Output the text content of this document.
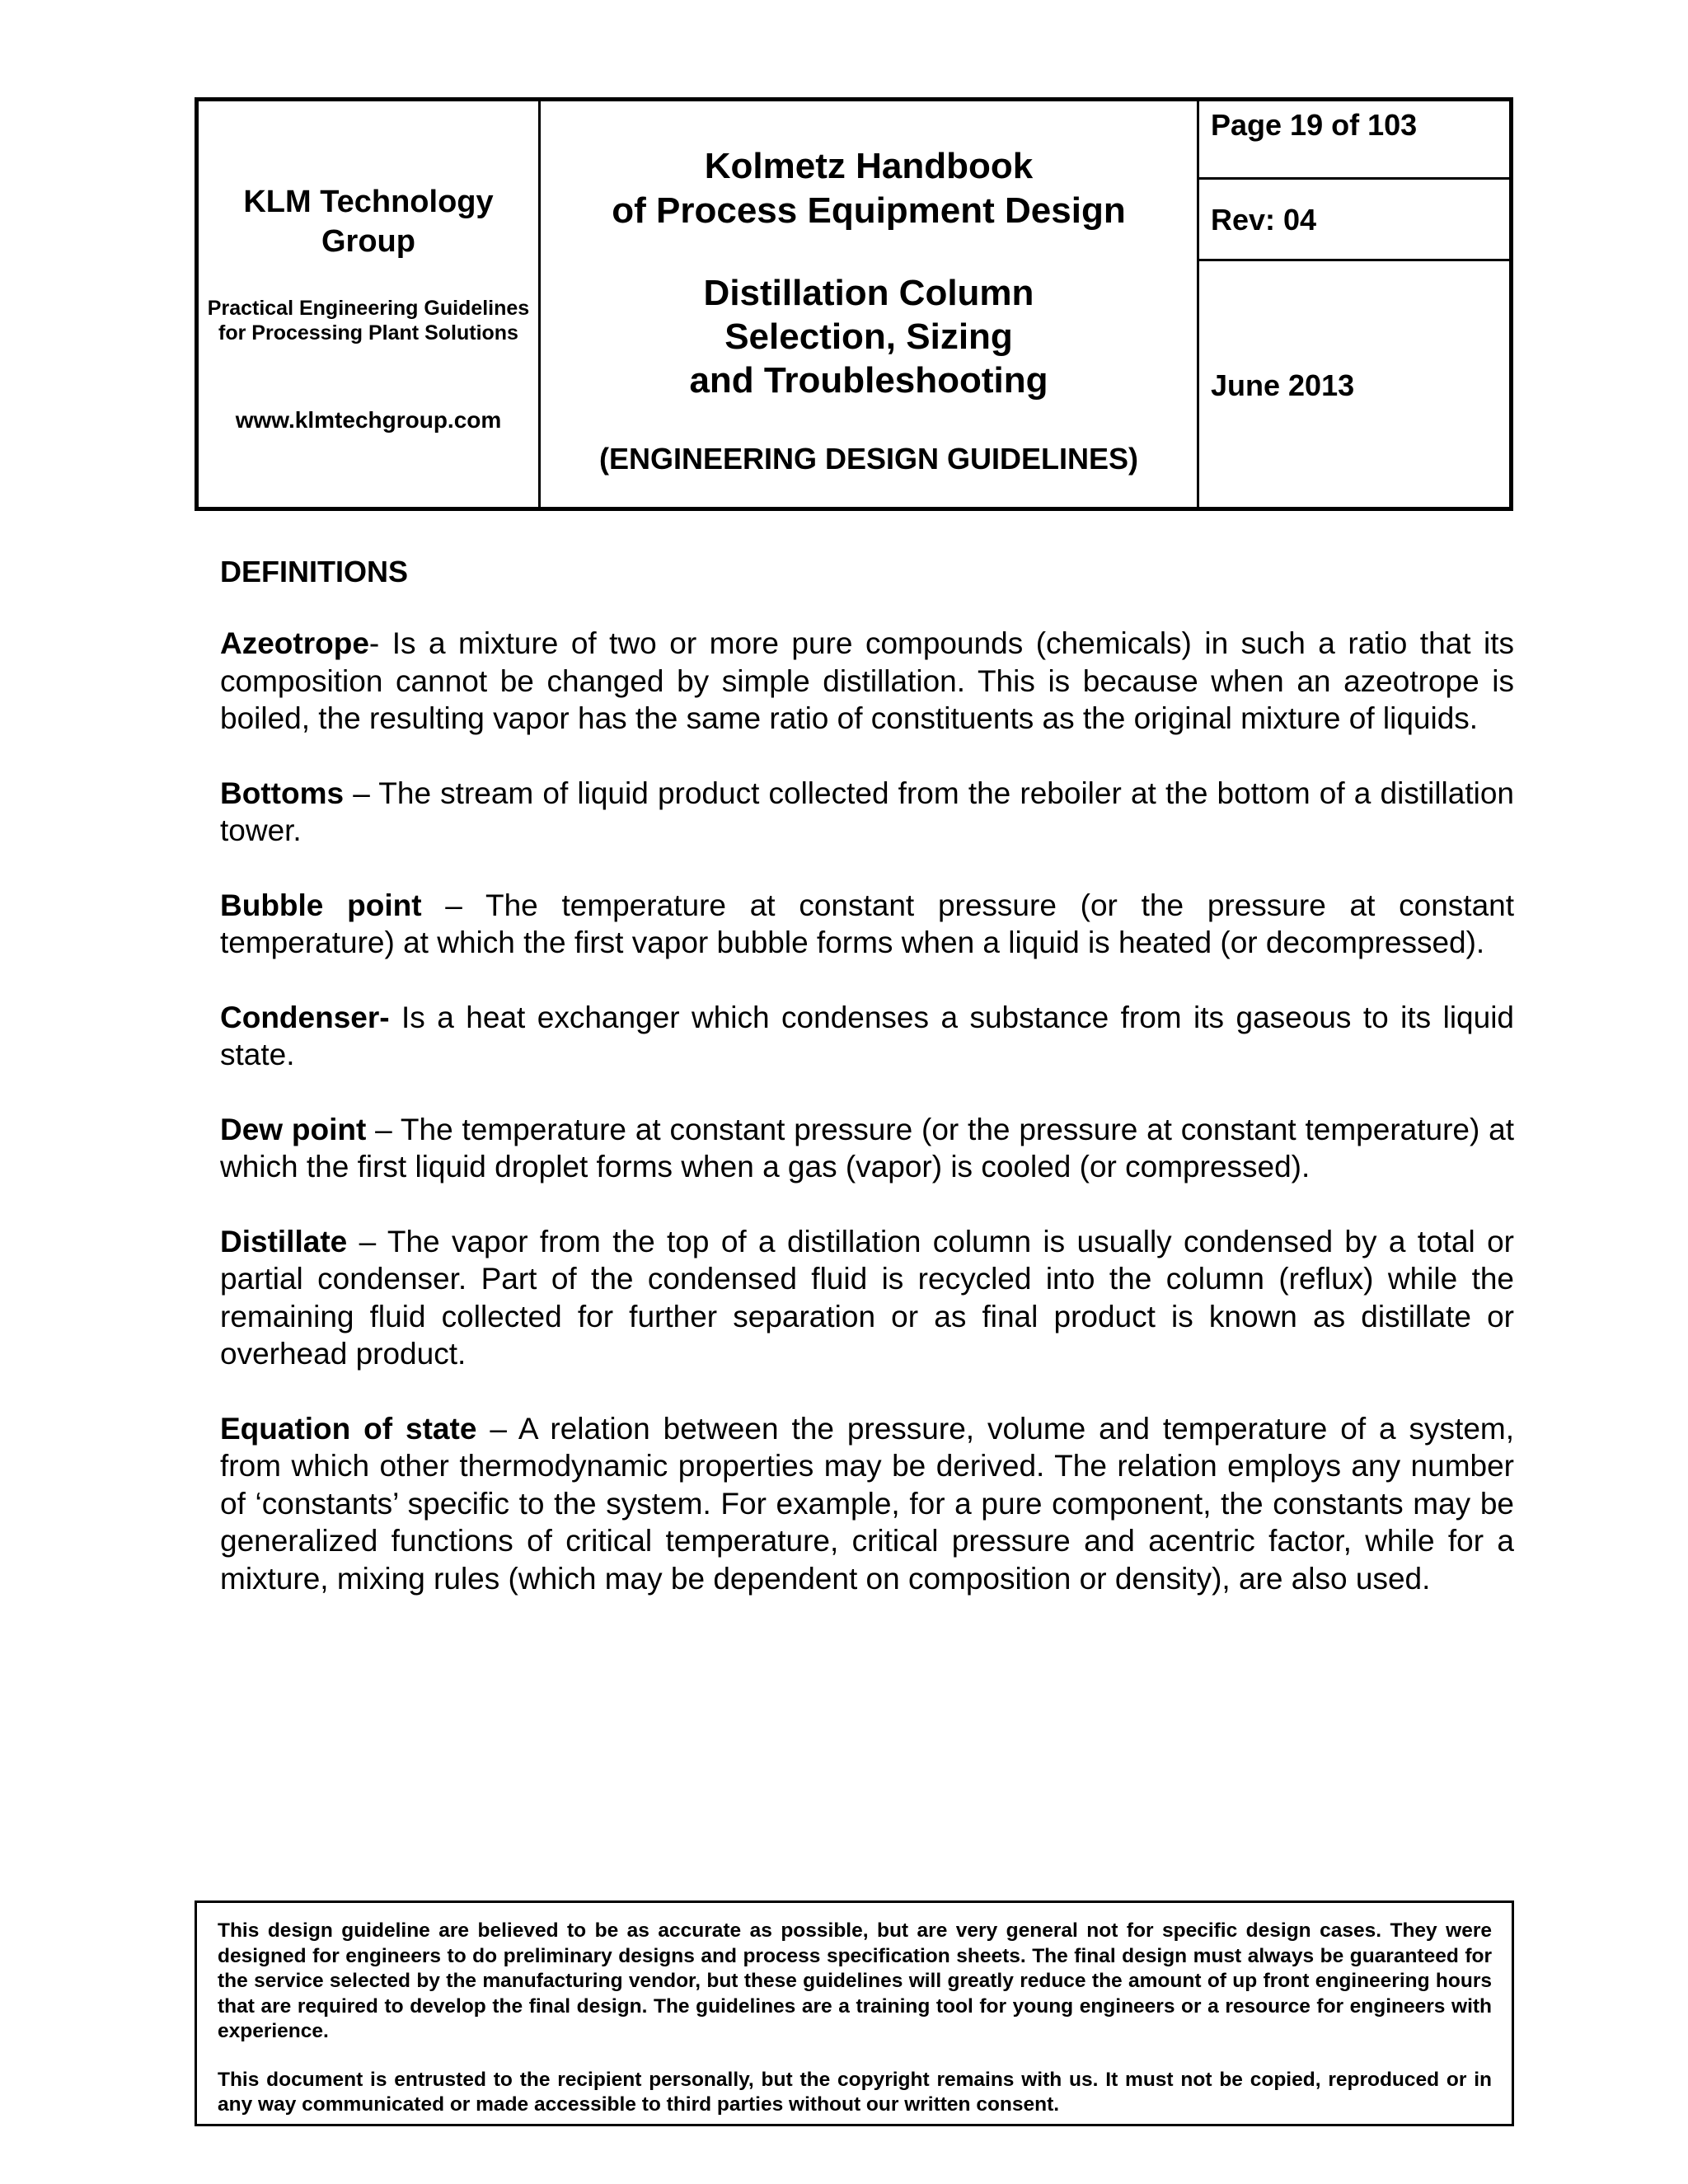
KLM Technology Group
Practical Engineering Guidelines for Processing Plant Solutions
www.klmtechgroup.com
Kolmetz Handbook
of Process Equipment Design
Distillation Column
Selection, Sizing
and Troubleshooting
(ENGINEERING DESIGN GUIDELINES)
Page 19 of 103
Rev: 04
June 2013
DEFINITIONS

Azeotrope- Is a mixture of two or more pure compounds (chemicals) in such a ratio that its composition cannot be changed by simple distillation. This is because when an azeotrope is boiled, the resulting vapor has the same ratio of constituents as the original mixture of liquids.

Bottoms – The stream of liquid product collected from the reboiler at the bottom of a distillation tower.

Bubble point – The temperature at constant pressure (or the pressure at constant temperature) at which the first vapor bubble forms when a liquid is heated (or decompressed).

Condenser- Is a heat exchanger which condenses a substance from its gaseous to its liquid state.

Dew point – The temperature at constant pressure (or the pressure at constant temperature) at which the first liquid droplet forms when a gas (vapor) is cooled (or compressed).

Distillate – The vapor from the top of a distillation column is usually condensed by a total or partial condenser. Part of the condensed fluid is recycled into the column (reflux) while the remaining fluid collected for further separation or as final product is known as distillate or overhead product.

Equation of state – A relation between the pressure, volume and temperature of a system, from which other thermodynamic properties may be derived. The relation employs any number of ‘constants’ specific to the system. For example, for a pure component, the constants may be generalized functions of critical temperature, critical pressure and acentric factor, while for a mixture, mixing rules (which may be dependent on composition or density), are also used.

This design guideline are believed to be as accurate as possible, but are very general not for specific design cases. They were designed for engineers to do preliminary designs and process specification sheets. The final design must always be guaranteed for the service selected by the manufacturing vendor, but these guidelines will greatly reduce the amount of up front engineering hours that are required to develop the final design. The guidelines are a training tool for young engineers or a resource for engineers with experience.

This document is entrusted to the recipient personally, but the copyright remains with us. It must not be copied, reproduced or in any way communicated or made accessible to third parties without our written consent.
